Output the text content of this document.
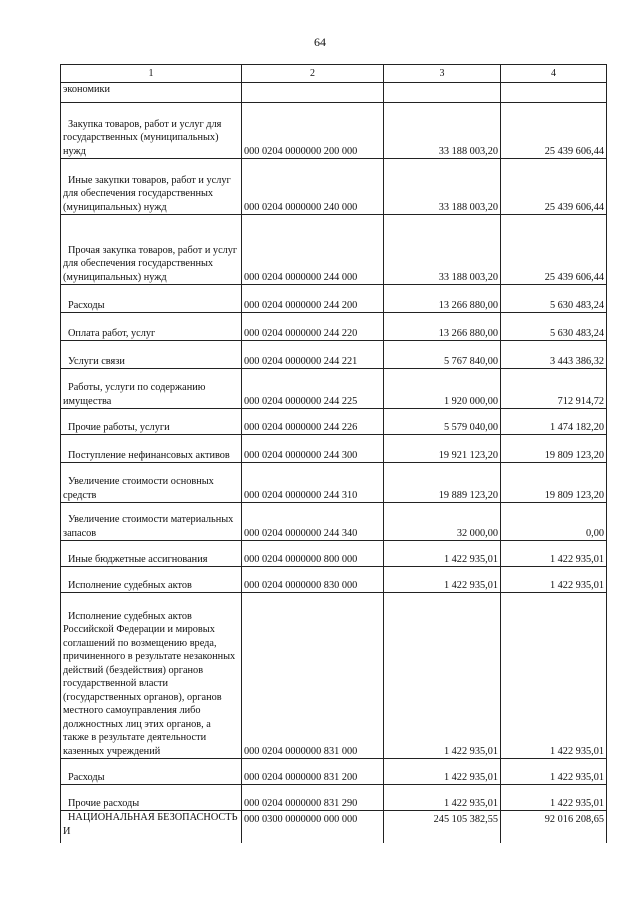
64
1	2	3	4
экономики			
Закупка товаров, работ и услуг для государственных (муниципальных) нужд	000 0204 0000000 200 000	33 188 003,20	25 439 606,44

Иные закупки товаров, работ и услуг для обеспечения государственных (муниципальных) нужд	000 0204 0000000 240 000	33 188 003,20	25 439 606,44

Прочая закупка товаров, работ и услуг для обеспечения государственных (муниципальных) нужд	000 0204 0000000 244 000	33 188 003,20	25 439 606,44

Расходы	000 0204 0000000 244 200	13 266 880,00	5 630 483,24

Оплата работ, услуг	000 0204 0000000 244 220	13 266 880,00	5 630 483,24

Услуги связи	000 0204 0000000 244 221	5 767 840,00	3 443 386,32

Работы, услуги по содержанию имущества	000 0204 0000000 244 225	1 920 000,00	712 914,72

Прочие работы, услуги	000 0204 0000000 244 226	5 579 040,00	1 474 182,20

Поступление нефинансовых активов	000 0204 0000000 244 300	19 921 123,20	19 809 123,20

Увеличение стоимости основных средств	000 0204 0000000 244 310	19 889 123,20	19 809 123,20

Увеличение стоимости материальных запасов	000 0204 0000000 244 340	32 000,00	0,00

Иные бюджетные ассигнования	000 0204 0000000 800 000	1 422 935,01	1 422 935,01

Исполнение судебных актов	000 0204 0000000 830 000	1 422 935,01	1 422 935,01

Исполнение судебных актов Российской Федерации и мировых соглашений по возмещению вреда, причиненного в результате незаконных действий (бездействия) органов государственной власти (государственных органов), органов местного самоуправления либо должностных лиц этих органов, а также в результате деятельности казенных учреждений	000 0204 0000000 831 000	1 422 935,01	1 422 935,01

Расходы	000 0204 0000000 831 200	1 422 935,01	1 422 935,01

Прочие расходы	000 0204 0000000 831 290	1 422 935,01	1 422 935,01

НАЦИОНАЛЬНАЯ БЕЗОПАСНОСТЬ И	000 0300 0000000 000 000	245 105 382,55	92 016 208,65
